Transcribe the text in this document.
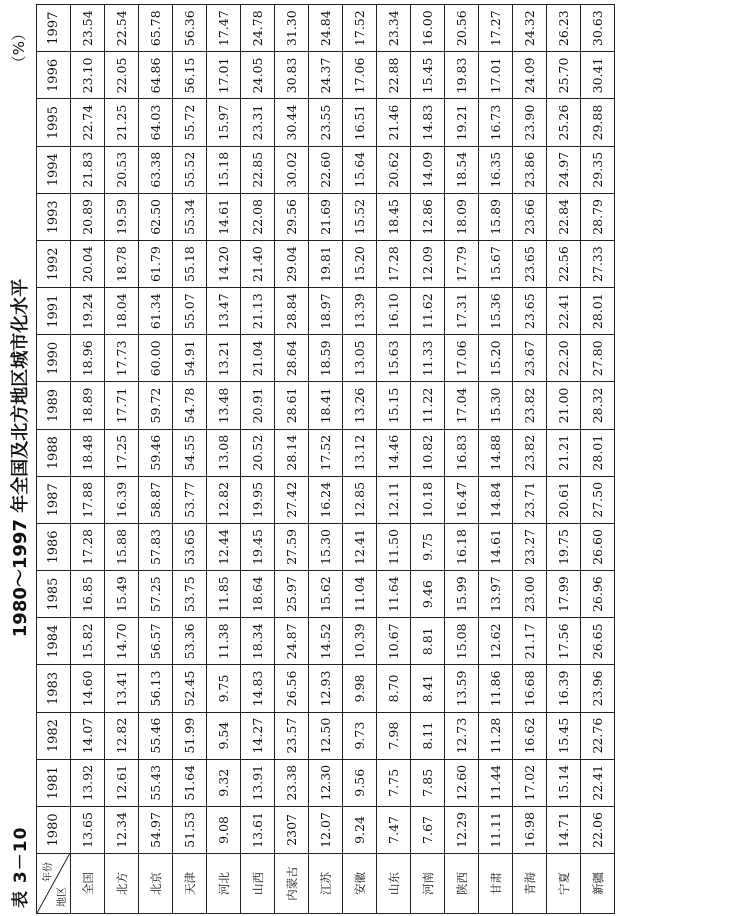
表 3－10
1980～1997 年全国及北方地区城市化水平
（%）
年份
地区	1980	1981	1982	1983	1984	1985	1986	1987	1988	1989	1990	1991	1992	1993	1994	1995	1996	1997
全国	13.65	13.92	14.07	14.60	15.82	16.85	17.28	17.88	18.48	18.89	18.96	19.24	20.04	20.89	21.83	22.74	23.10	23.54
北方	12.34	12.61	12.82	13.41	14.70	15.49	15.88	16.39	17.25	17.71	17.73	18.04	18.78	19.59	20.53	21.25	22.05	22.54
北京	54.97	55.43	55.46	56.13	56.57	57.25	57.83	58.87	59.46	59.72	60.00	61.34	61.79	62.50	63.38	64.03	64.86	65.78
天津	51.53	51.64	51.99	52.45	53.36	53.75	53.65	53.77	54.55	54.78	54.91	55.07	55.18	55.34	55.52	55.72	56.15	56.36
河北	9.08	9.32	9.54	9.75	11.38	11.85	12.44	12.82	13.08	13.48	13.21	13.47	14.20	14.61	15.18	15.97	17.01	17.47
山西	13.61	13.91	14.27	14.83	18.34	18.64	19.45	19.95	20.52	20.91	21.04	21.13	21.40	22.08	22.85	23.31	24.05	24.78
内蒙古	2307	23.38	23.57	26.56	24.87	25.97	27.59	27.42	28.14	28.61	28.64	28.84	29.04	29.56	30.02	30.44	30.83	31.30
江苏	12.07	12.30	12.50	12.93	14.52	15.62	15.30	16.24	17.52	18.41	18.59	18.97	19.81	21.69	22.60	23.55	24.37	24.84
安徽	9.24	9.56	9.73	9.98	10.39	11.04	12.41	12.85	13.12	13.26	13.05	13.39	15.20	15.52	15.64	16.51	17.06	17.52
山东	7.47	7.75	7.98	8.70	10.67	11.64	11.50	12.11	14.46	15.15	15.63	16.10	17.28	18.45	20.62	21.46	22.88	23.34
河南	7.67	7.85	8.11	8.41	8.81	9.46	9.75	10.18	10.82	11.22	11.33	11.62	12.09	12.86	14.09	14.83	15.45	16.00
陕西	12.29	12.60	12.73	13.59	15.08	15.99	16.18	16.47	16.83	17.04	17.06	17.31	17.79	18.09	18.54	19.21	19.83	20.56
甘肃	11.11	11.44	11.28	11.86	12.62	13.97	14.61	14.84	14.88	15.30	15.20	15.36	15.67	15.89	16.35	16.73	17.01	17.27
青海	16.98	17.02	16.62	16.68	21.17	23.00	23.27	23.71	23.82	23.82	23.67	23.65	23.65	23.66	23.86	23.90	24.09	24.32
宁夏	14.71	15.14	15.45	16.39	17.56	17.99	19.75	20.61	21.21	21.00	22.20	22.41	22.56	22.84	24.97	25.26	25.70	26.23
新疆	22.06	22.41	22.76	23.96	26.65	26.96	26.60	27.50	28.01	28.32	27.80	28.01	27.33	28.79	29.35	29.88	30.41	30.63
